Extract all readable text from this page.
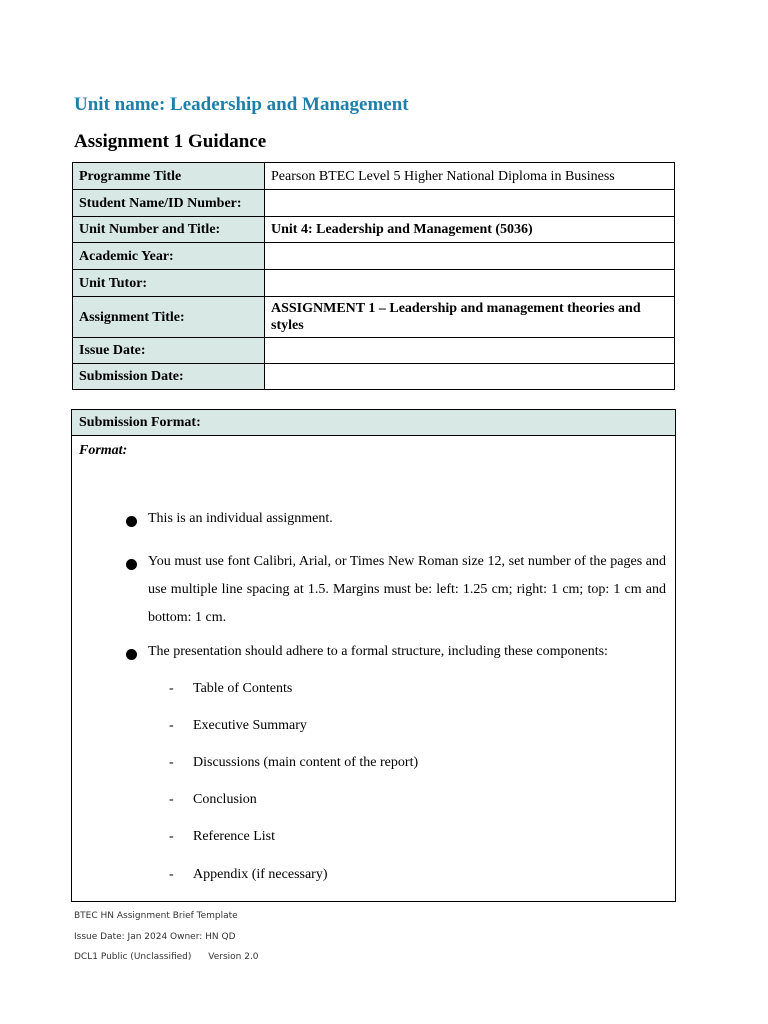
Unit name: Leadership and Management
Assignment 1 Guidance
Programme Title	Pearson BTEC Level 5 Higher National Diploma in Business
Student Name/ID Number:	
Unit Number and Title:	Unit 4: Leadership and Management (5036)
Academic Year:	
Unit Tutor:	
Assignment Title:	ASSIGNMENT 1 – Leadership and management theories and styles
Issue Date:	
Submission Date:	
Submission Format:
Format:
This is an individual assignment.
You must use font Calibri, Arial, or Times New Roman size 12, set number of the pages and use multiple line spacing at 1.5. Margins must be: left: 1.25 cm; right: 1 cm; top: 1 cm and bottom: 1 cm.
The presentation should adhere to a formal structure, including these components:
- Table of Contents
- Executive Summary
- Discussions (main content of the report)
- Conclusion
- Reference List
- Appendix (if necessary)
BTEC HN Assignment Brief Template
Issue Date: Jan 2024 Owner: HN QD
DCL1 Public (Unclassified) Version 2.0
